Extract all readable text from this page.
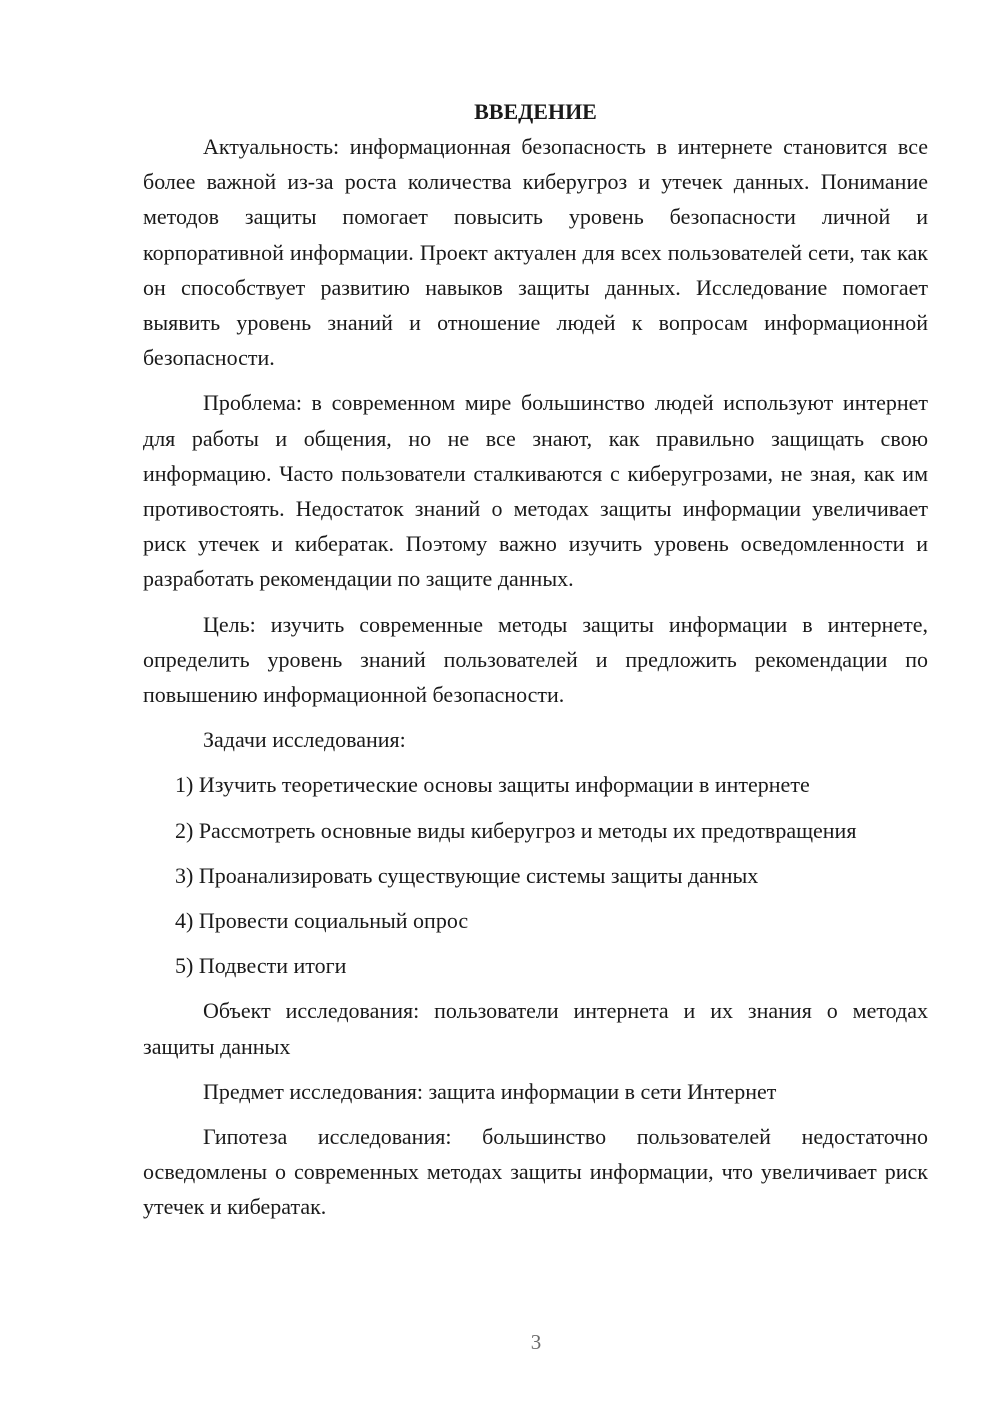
ВВЕДЕНИЕ

Актуальность: информационная безопасность в интернете становится все более важной из-за роста количества киберугроз и утечек данных. Понимание методов защиты помогает повысить уровень безопасности личной и корпоративной информации. Проект актуален для всех пользователей сети, так как он способствует развитию навыков защиты данных. Исследование помогает выявить уровень знаний и отношение людей к вопросам информационной безопасности.

Проблема: в современном мире большинство людей используют интернет для работы и общения, но не все знают, как правильно защищать свою информацию. Часто пользователи сталкиваются с киберугрозами, не зная, как им противостоять. Недостаток знаний о методах защиты информации увеличивает риск утечек и кибератак. Поэтому важно изучить уровень осведомленности и разработать рекомендации по защите данных.

Цель: изучить современные методы защиты информации в интернете, определить уровень знаний пользователей и предложить рекомендации по повышению информационной безопасности.

Задачи исследования:

1) Изучить теоретические основы защиты информации в интернете

2) Рассмотреть основные виды киберугроз и методы их предотвращения

3) Проанализировать существующие системы защиты данных

4) Провести социальный опрос

5) Подвести итоги

Объект исследования: пользователи интернета и их знания о методах защиты данных

Предмет исследования: защита информации в сети Интернет

Гипотеза исследования: большинство пользователей недостаточно осведомлены о современных методах защиты информации, что увеличивает риск утечек и кибератак.

3
